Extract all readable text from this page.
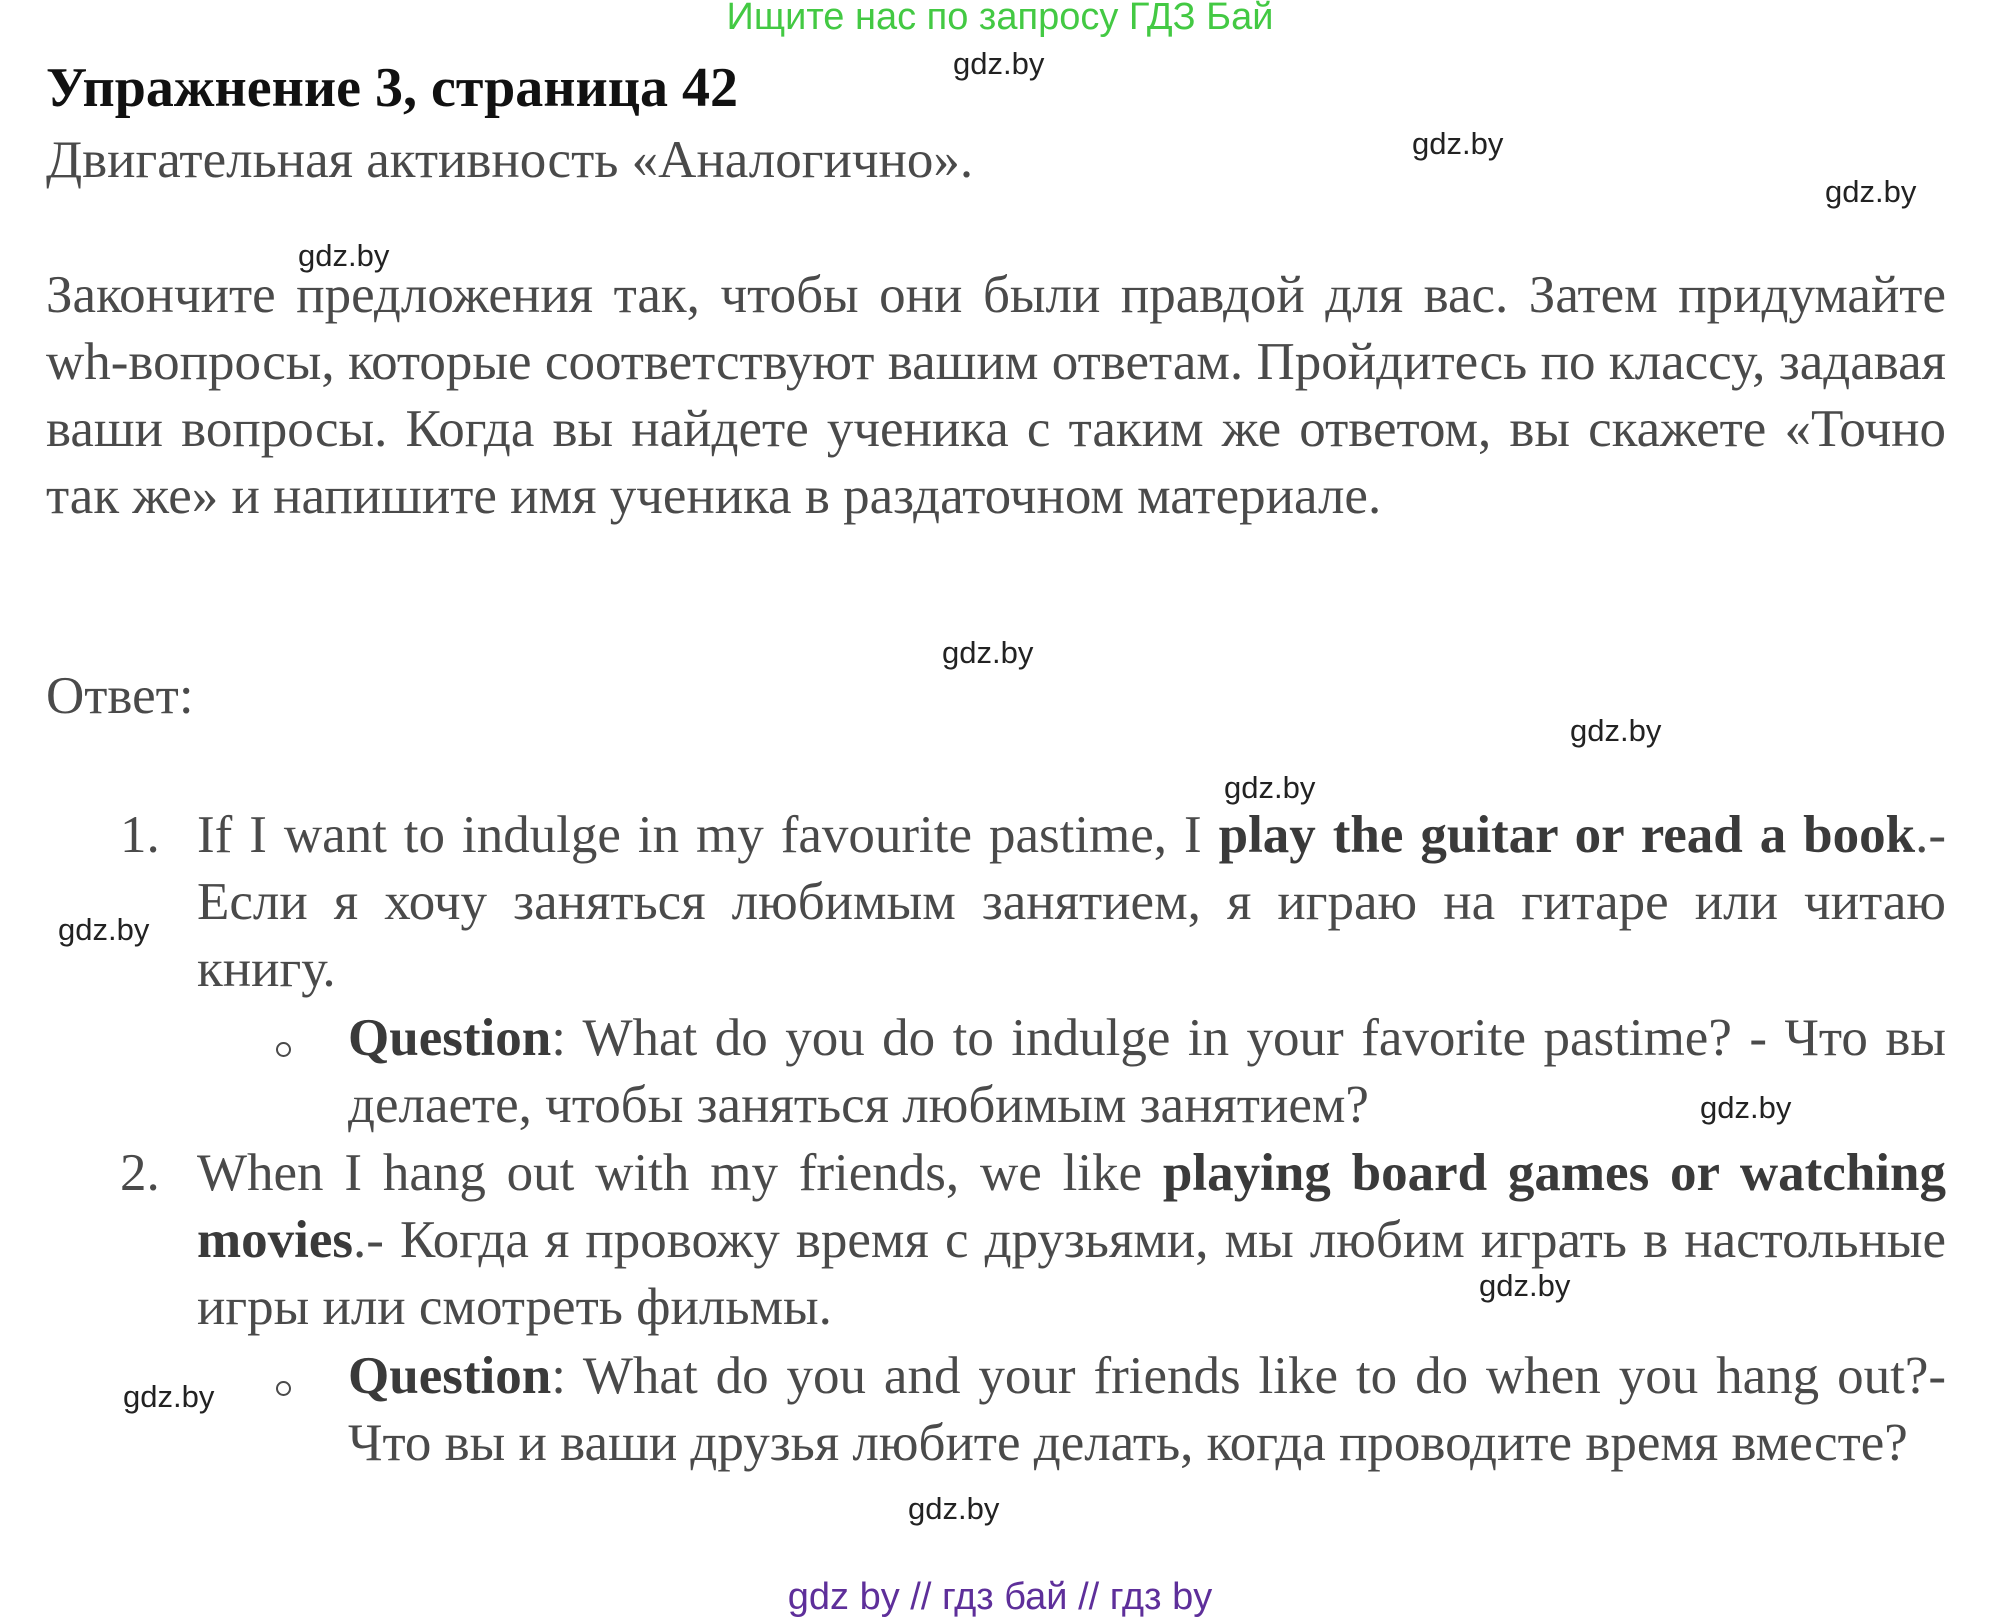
Ищите нас по запросу ГДЗ Бай
gdz.by
gdz.by
gdz.by
gdz.by
gdz.by
gdz.by
gdz.by
gdz.by
gdz.by
gdz.by
gdz.by
gdz.by
Упражнение 3, страница 42
Двигательная активность «Аналогично».
Закончите предложения так, чтобы они были правдой для вас. Затем придумайте wh-вопросы, которые соответствуют вашим ответам. Пройдитесь по классу, задавая ваши вопросы. Когда вы найдете ученика с таким же ответом, вы скажете «Точно так же» и напишите имя ученика в раздаточном материале.
Ответ:
1. If I want to indulge in my favourite pastime, I play the guitar or read a book.- Если я хочу заняться любимым занятием, я играю на гитаре или читаю книгу.
Question: What do you do to indulge in your favorite pastime? - Что вы делаете, чтобы заняться любимым занятием?
2. When I hang out with my friends, we like playing board games or watching movies.- Когда я провожу время с друзьями, мы любим играть в настольные игры или смотреть фильмы.
Question: What do you and your friends like to do when you hang out?- Что вы и ваши друзья любите делать, когда проводите время вместе?
gdz by // гдз бай // гдз by
